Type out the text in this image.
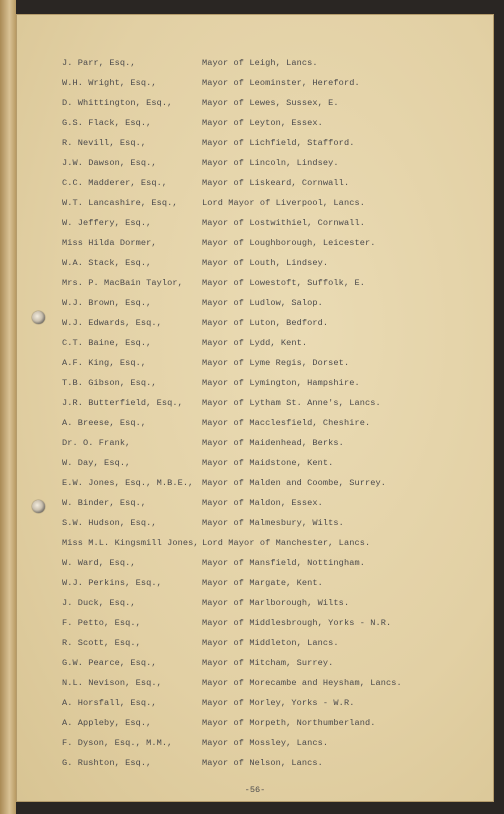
J. Parr, Esq.,	Mayor of Leigh, Lancs.
W.H. Wright, Esq.,	Mayor of Leominster, Hereford.
D. Whittington, Esq.,	Mayor of Lewes, Sussex, E.
G.S. Flack, Esq.,	Mayor of Leyton, Essex.
R. Nevill, Esq.,	Mayor of Lichfield, Stafford.
J.W. Dawson, Esq.,	Mayor of Lincoln, Lindsey.
C.C. Madderer, Esq.,	Mayor of Liskeard, Cornwall.
W.T. Lancashire, Esq.,	Lord Mayor of Liverpool, Lancs.
W. Jeffery, Esq.,	Mayor of Lostwithiel, Cornwall.
Miss Hilda Dormer,	Mayor of Loughborough, Leicester.
W.A. Stack, Esq.,	Mayor of Louth, Lindsey.
Mrs. P. MacBain Taylor, Mayor of Lowestoft, Suffolk, E.
W.J. Brown, Esq.,	Mayor of Ludlow, Salop.
W.J. Edwards, Esq.,	Mayor of Luton, Bedford.
C.T. Baine, Esq.,	Mayor of Lydd, Kent.
A.F. King, Esq.,	Mayor of Lyme Regis, Dorset.
T.B. Gibson, Esq.,	Mayor of Lymington, Hampshire.
J.R. Butterfield, Esq., Mayor of Lytham St. Anne's, Lancs.
A. Breese, Esq.,	Mayor of Macclesfield, Cheshire.
Dr. O. Frank,	Mayor of Maidenhead, Berks.
W. Day, Esq.,	Mayor of Maidstone, Kent.
E.W. Jones, Esq., M.B.E., Mayor of Malden and Coombe, Surrey.
W. Binder, Esq.,	Mayor of Maldon, Essex.
S.W. Hudson, Esq.,	Mayor of Malmesbury, Wilts.
Miss M.L. Kingsmill Jones, Lord Mayor of Manchester, Lancs.
W. Ward, Esq.,	Mayor of Mansfield, Nottingham.
W.J. Perkins, Esq.,	Mayor of Margate, Kent.
J. Duck, Esq.,	Mayor of Marlborough, Wilts.
F. Petto, Esq.,	Mayor of Middlesbrough, Yorks - N.R.
R. Scott, Esq.,	Mayor of Middleton, Lancs.
G.W. Pearce, Esq.,	Mayor of Mitcham, Surrey.
N.L. Nevison, Esq.,	Mayor of Morecambe and Heysham, Lancs.
A. Horsfall, Esq.,	Mayor of Morley, Yorks - W.R.
A. Appleby, Esq.,	Mayor of Morpeth, Northumberland.
F. Dyson, Esq., M.M.,	Mayor of Mossley, Lancs.
G. Rushton, Esq.,	Mayor of Nelson, Lancs.
-56-
